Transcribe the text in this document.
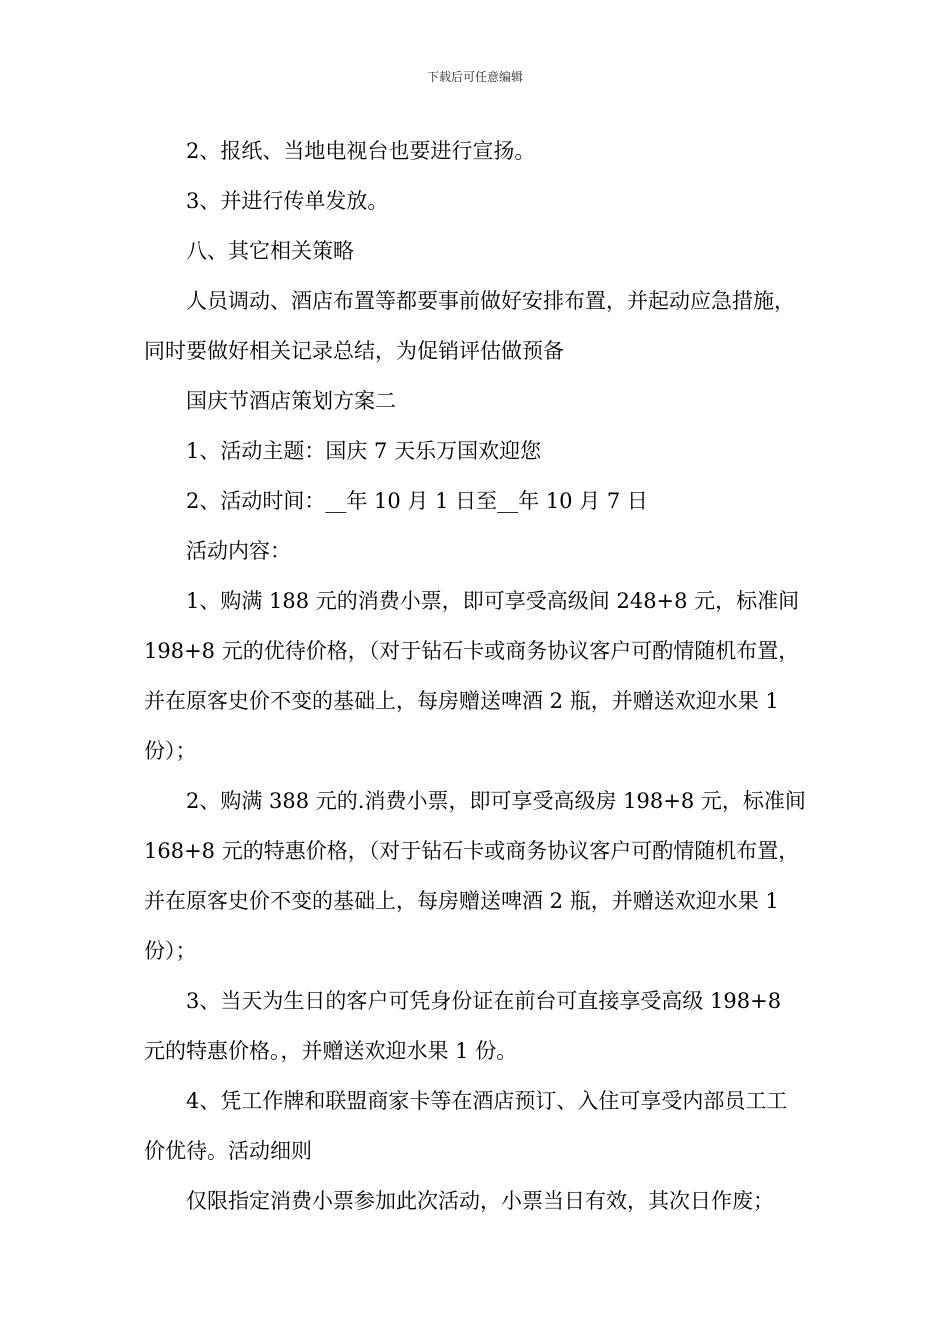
下载后可任意编辑

2、报纸、当地电视台也要进行宣扬。

3、并进行传单发放。

八、其它相关策略

人员调动、酒店布置等都要事前做好安排布置，并起动应急措施，同时要做好相关记录总结，为促销评估做预备

国庆节酒店策划方案二

1、活动主题：国庆 7 天乐万国欢迎您

2、活动时间：__年 10 月 1 日至__年 10 月 7 日

活动内容：

1、购满 188 元的消费小票，即可享受高级间 248+8 元，标准间 198+8 元的优待价格，（对于钻石卡或商务协议客户可酌情随机布置，并在原客史价不变的基础上，每房赠送啤酒 2 瓶，并赠送欢迎水果 1 份）；

2、购满 388 元的.消费小票，即可享受高级房 198+8 元，标准间 168+8 元的特惠价格，（对于钻石卡或商务协议客户可酌情随机布置，并在原客史价不变的基础上，每房赠送啤酒 2 瓶，并赠送欢迎水果 1 份）；

3、当天为生日的客户可凭身份证在前台可直接享受高级 198+8 元的特惠价格。，并赠送欢迎水果 1 份。

4、凭工作牌和联盟商家卡等在酒店预订、入住可享受内部员工工价优待。活动细则

仅限指定消费小票参加此次活动，小票当日有效，其次日作废；
